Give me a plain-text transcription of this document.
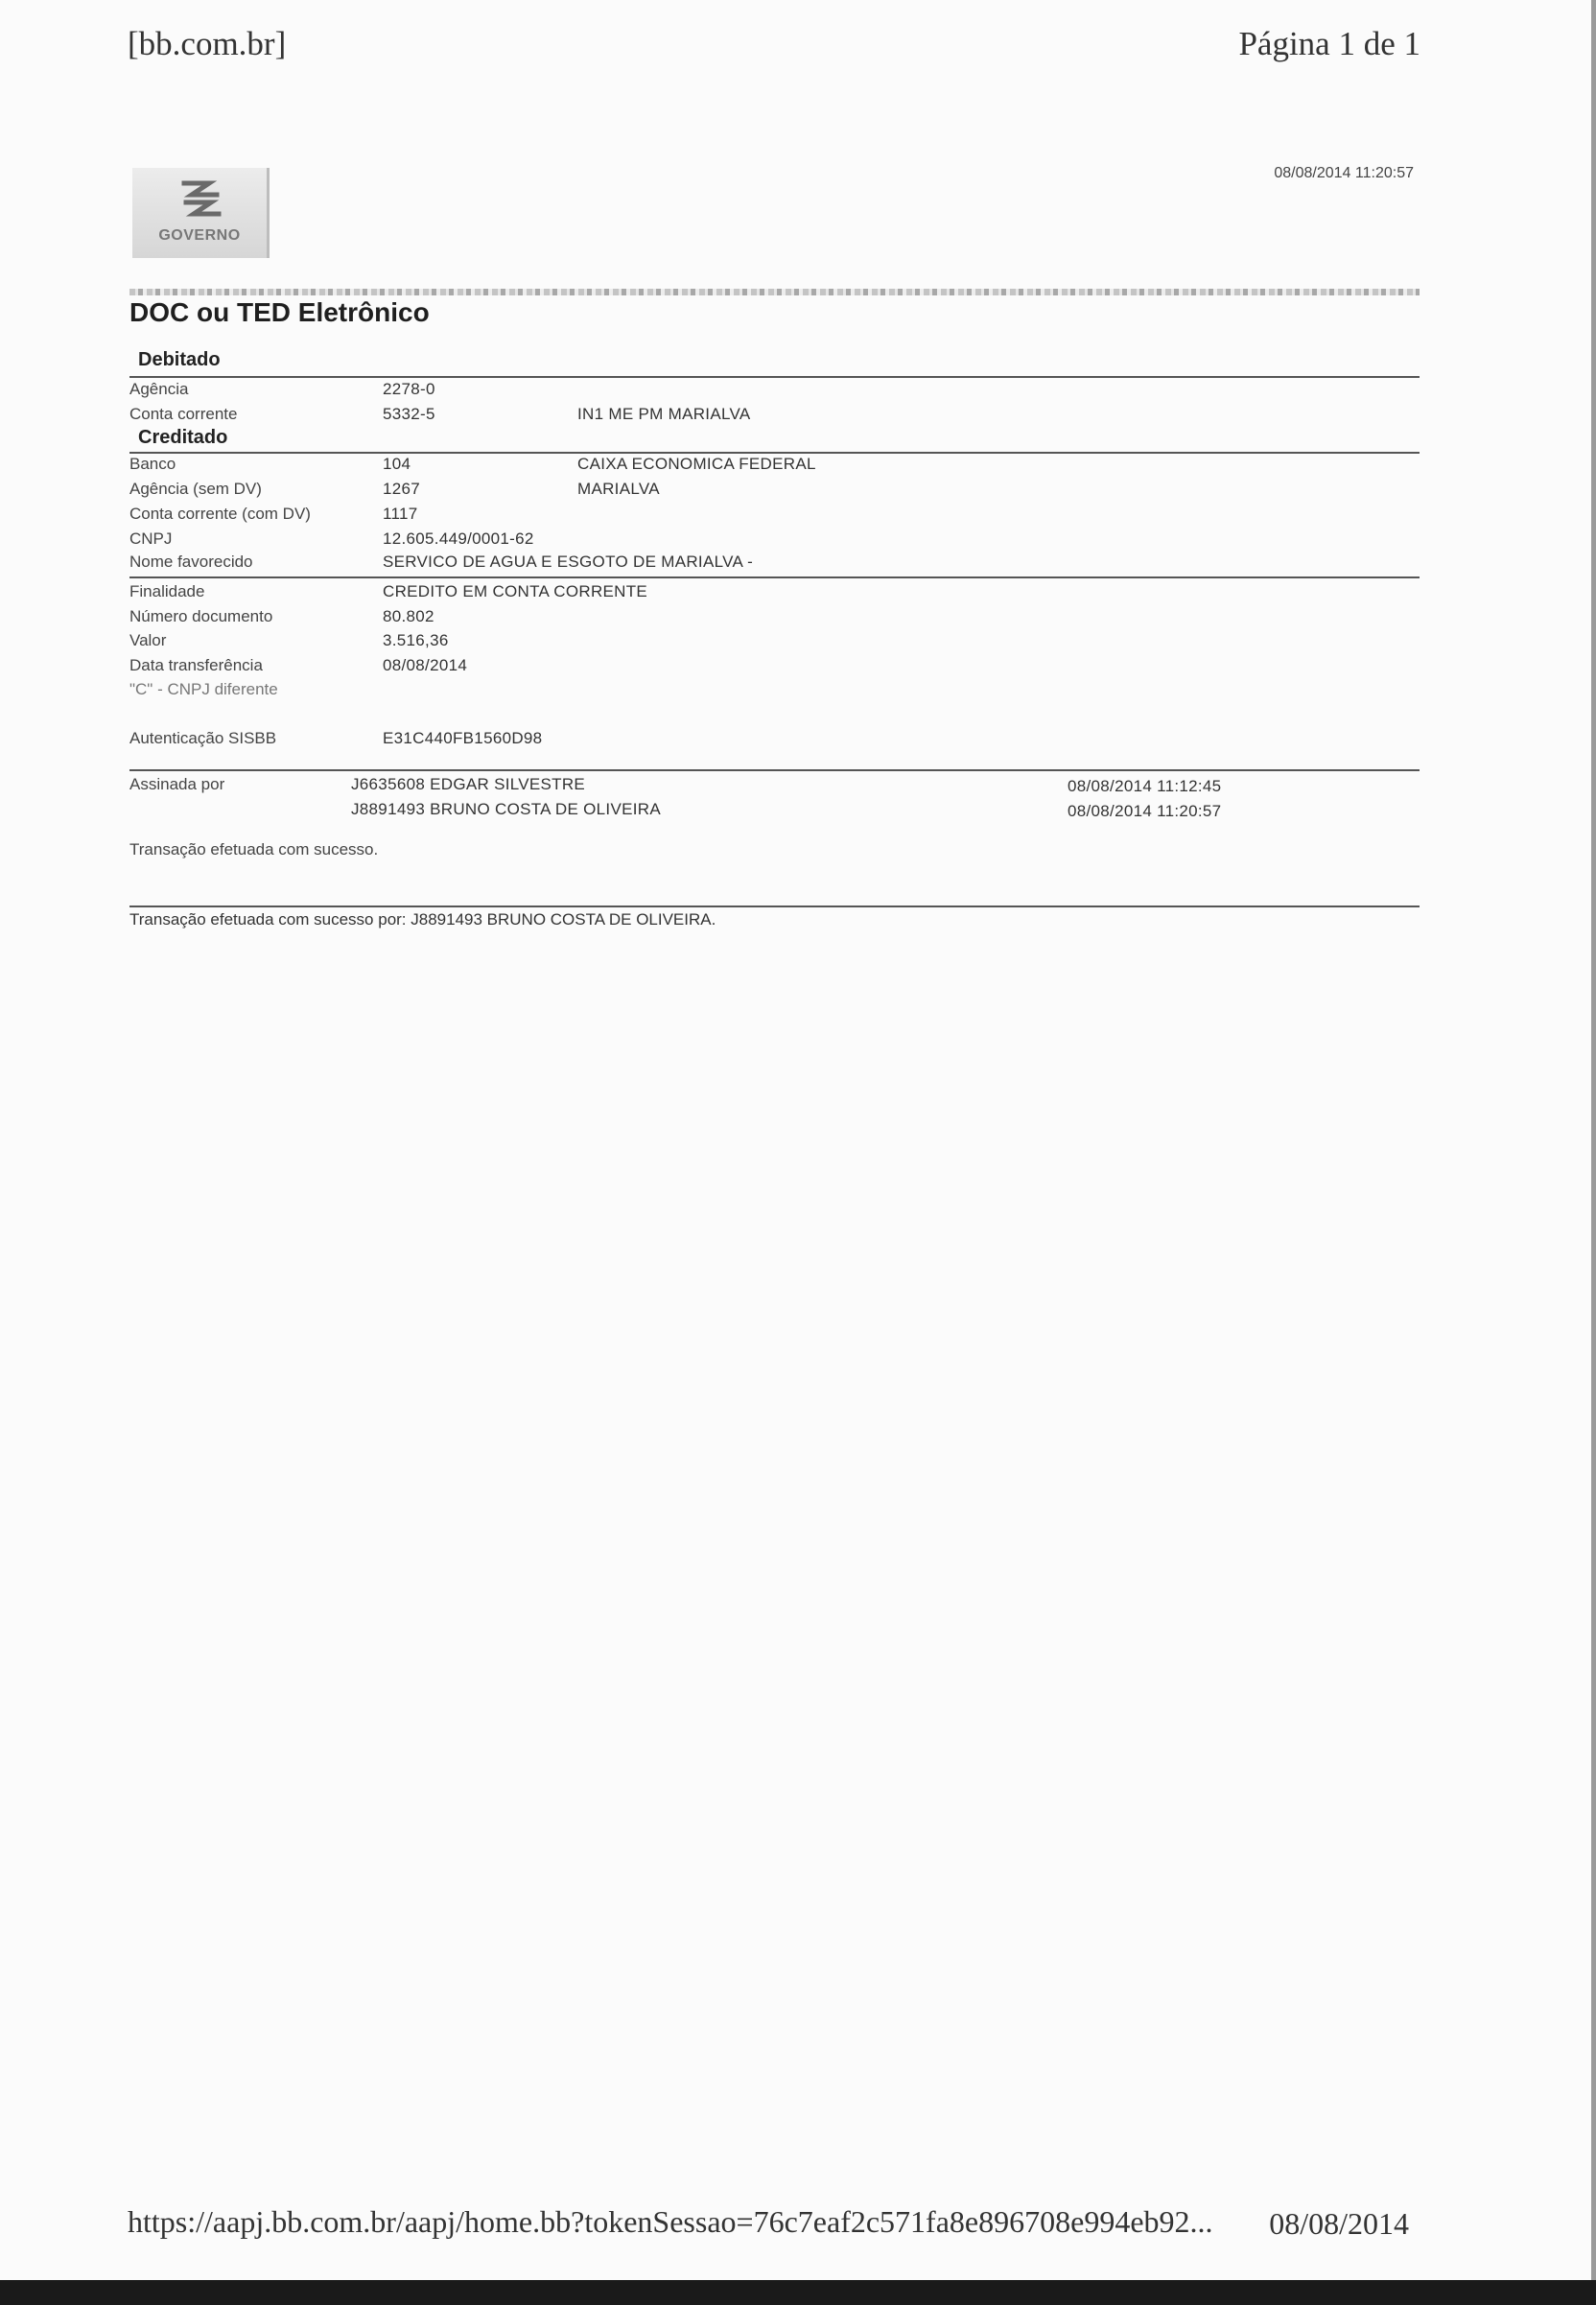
[bb.com.br]	Página 1 de 1
GOVERNO
08/08/2014 11:20:57
DOC ou TED Eletrônico
Debitado
Agência	2278-0
Conta corrente	5332-5	IN1 ME PM MARIALVA
Creditado
Banco	104	CAIXA ECONOMICA FEDERAL
Agência (sem DV)	1267	MARIALVA
Conta corrente (com DV)	1117
CNPJ	12.605.449/0001-62
Nome favorecido	SERVICO DE AGUA E ESGOTO DE MARIALVA -
Finalidade	CREDITO EM CONTA CORRENTE
Número documento	80.802
Valor	3.516,36
Data transferência	08/08/2014
"C" - CNPJ diferente
Autenticação SISBB	E31C440FB1560D98
Assinada por	J6635608 EDGAR SILVESTRE	08/08/2014 11:12:45
J8891493 BRUNO COSTA DE OLIVEIRA	08/08/2014 11:20:57
Transação efetuada com sucesso.
Transação efetuada com sucesso por: J8891493 BRUNO COSTA DE OLIVEIRA.
https://aapj.bb.com.br/aapj/home.bb?tokenSessao=76c7eaf2c571fa8e896708e994eb92... 08/08/2014
